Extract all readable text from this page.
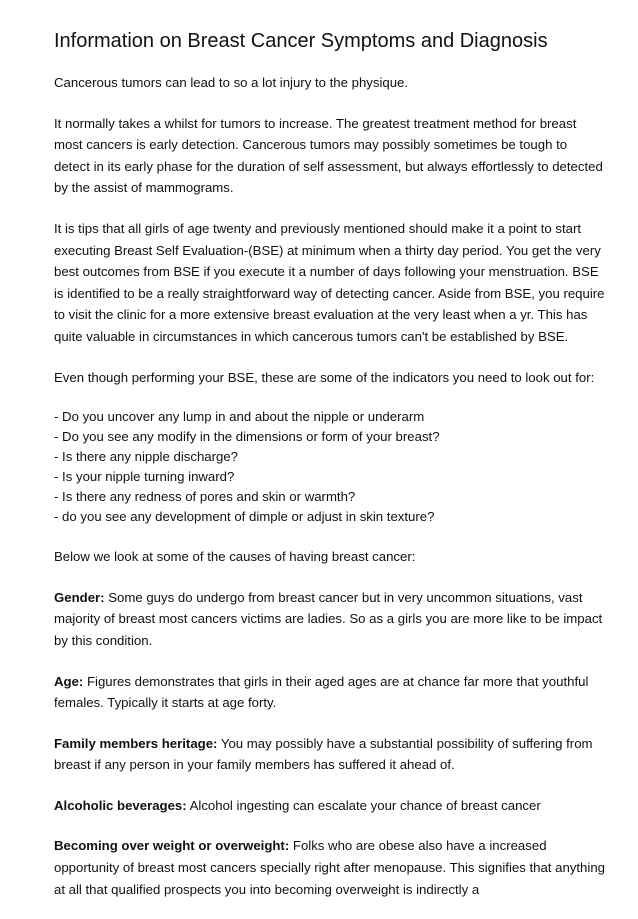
Information on Breast Cancer Symptoms and Diagnosis

Cancerous tumors can lead to so a lot injury to the physique.

It normally takes a whilst for tumors to increase. The greatest treatment method for breast most cancers is early detection. Cancerous tumors may possibly sometimes be tough to detect in its early phase for the duration of self assessment, but always effortlessly to detected by the assist of mammograms.

It is tips that all girls of age twenty and previously mentioned should make it a point to start executing Breast Self Evaluation-(BSE) at minimum when a thirty day period. You get the very best outcomes from BSE if you execute it a number of days following your menstruation. BSE is identified to be a really straightforward way of detecting cancer. Aside from BSE, you require to visit the clinic for a more extensive breast evaluation at the very least when a yr. This has quite valuable in circumstances in which cancerous tumors can't be established by BSE.

Even though performing your BSE, these are some of the indicators you need to look out for:

- Do you uncover any lump in and about the nipple or underarm
- Do you see any modify in the dimensions or form of your breast?
- Is there any nipple discharge?
- Is your nipple turning inward?
- Is there any redness of pores and skin or warmth?
- do you see any development of dimple or adjust in skin texture?

Below we look at some of the causes of having breast cancer:

Gender: Some guys do undergo from breast cancer but in very uncommon situations, vast majority of breast most cancers victims are ladies. So as a girls you are more like to be impact by this condition.

Age: Figures demonstrates that girls in their aged ages are at chance far more that youthful females. Typically it starts at age forty.

Family members heritage: You may possibly have a substantial possibility of suffering from breast if any person in your family members has suffered it ahead of.

Alcoholic beverages: Alcohol ingesting can escalate your chance of breast cancer

Becoming over weight or overweight: Folks who are obese also have a increased opportunity of breast most cancers specially right after menopause. This signifies that anything at all that qualified prospects you into becoming overweight is indirectly a
